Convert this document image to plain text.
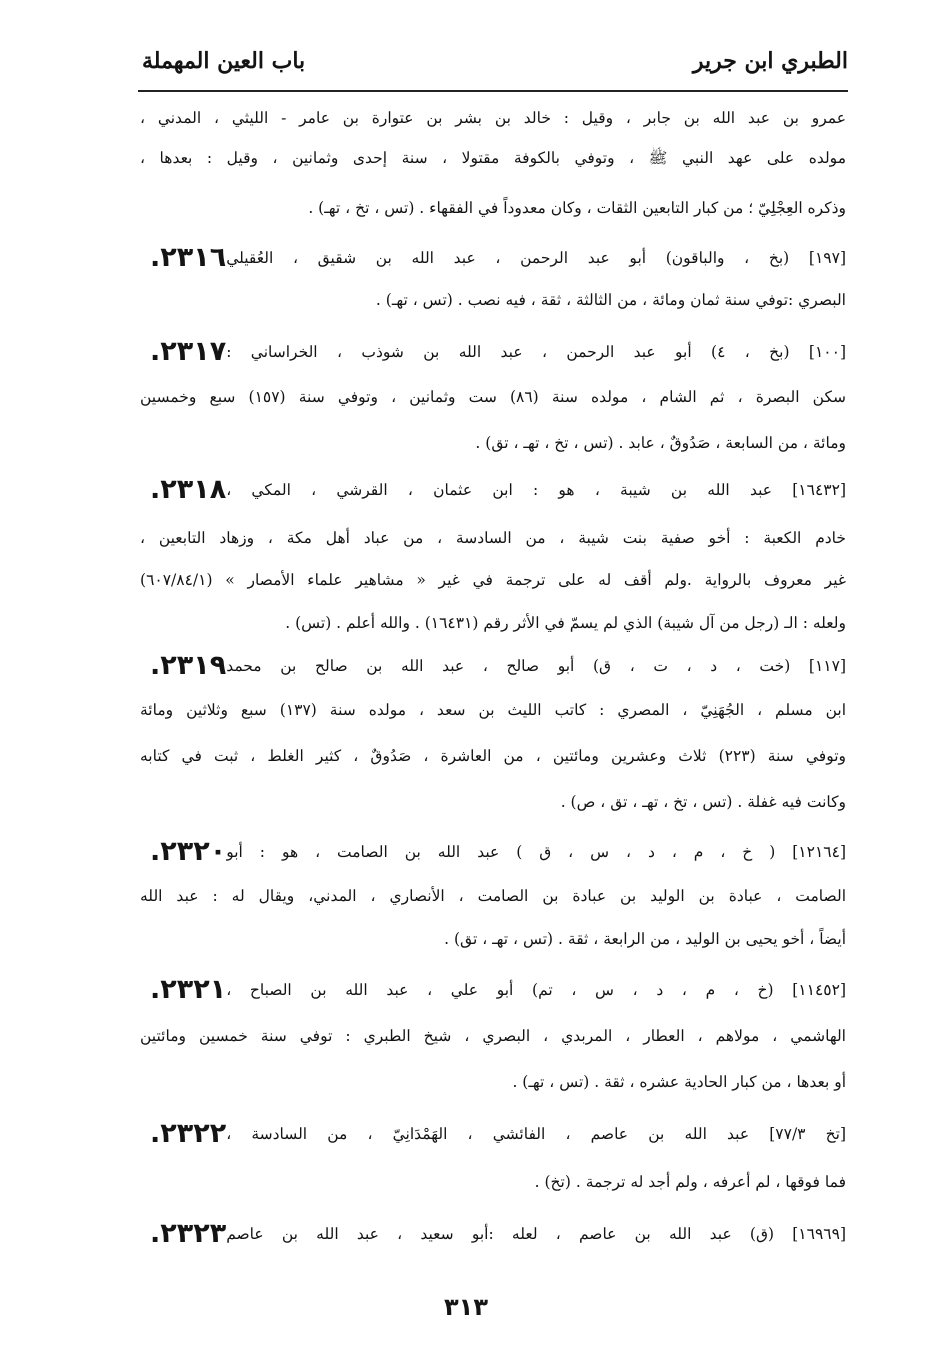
الطبري ابن جرير
باب العين المهملة
عمرو بن عبد الله بن جابر ، وقيل : خالد بن بشر بن عتوارة بن عامر - الليثي ، المدني ،
مولده على عهد النبي ﷺ ، وتوفي بالكوفة مقتولا ، سنة إحدى وثمانين ، وقيل : بعدها ،
وذكره العِجْلِيّ ؛ من كبار التابعين الثقات ، وكان معدوداً في الفقهاء . (تس ، تخ ، تهـ) .
٢٣١٦. [١٩٧] (بخ ، والباقون) أبو عبد الرحمن ، عبد الله بن شقيق ، العُقيلي
البصري :توفي سنة ثمان ومائة ، من الثالثة ، ثقة ، فيه نصب . (تس ، تهـ) .
٢٣١٧. [١٠٠] (بخ ، ٤) أبو عبد الرحمن ، عبد الله بن شوذب ، الخراساني :
سكن البصرة ، ثم الشام ، مولده سنة (٨٦) ست وثمانين ، وتوفي سنة (١٥٧) سبع وخمسين
ومائة ، من السابعة ، صَدُوقٌ ، عابد . (تس ، تخ ، تهـ ، تق) .
٢٣١٨. [١٦٤٣٢] عبد الله بن شيبة ، هو : ابن عثمان ، القرشي ، المكي ،
خادم الكعبة : أخو صفية بنت شيبة ، من السادسة ، من عباد أهل مكة ، وزهاد التابعين ،
غير معروف بالرواية .ولم أقف له على ترجمة في غير « مشاهير علماء الأمصار » (٦٠٧/٨٤/١)
ولعله : الـ (رجل من آل شيبة) الذي لم يسمّ في الأثر رقم (١٦٤٣١) . والله أعلم . (تس) .
٢٣١٩. [١١٧] (خت ، د ، ت ، ق) أبو صالح ، عبد الله بن صالح بن محمد
ابن مسلم ، الجُهَنِيّ ، المصري : كاتب الليث بن سعد ، مولده سنة (١٣٧) سبع وثلاثين ومائة
وتوفي سنة (٢٢٣) ثلاث وعشرين ومائتين ، من العاشرة ، صَدُوقٌ ، كثير الغلط ، ثبت في كتابه
وكانت فيه غفلة . (تس ، تخ ، تهـ ، تق ، ص) .
٢٣٢٠. [١٢١٦٤] ( خ ، م ، د ، س ، ق ) عبد الله بن الصامت ، هو : أبو
الصامت ، عبادة بن الوليد بن عبادة بن الصامت ، الأنصاري ، المدني، ويقال له : عبد الله
أيضاً ، أخو يحيى بن الوليد ، من الرابعة ، ثقة . (تس ، تهـ ، تق) .
٢٣٢١. [١١٤٥٢] (خ ، م ، د ، س ، تم) أبو علي ، عبد الله بن الصباح ،
الهاشمي ، مولاهم ، العطار ، المربدي ، البصري ، شيخ الطبري : توفي سنة خمسين ومائتين
أو بعدها ، من كبار الحادية عشره ، ثقة . (تس ، تهـ) .
٢٣٢٢. [تخ ٧٧/٣] عبد الله بن عاصم ، الفائشي ، الهَمْدَانِيّ ، من السادسة ،
فما فوقها ، لم أعرفه ، ولم أجد له ترجمة . (تخ) .
٢٣٢٣. [١٦٩٦٩] (ق) عبد الله بن عاصم ، لعله :أبو سعيد ، عبد الله بن عاصم
٣١٣
